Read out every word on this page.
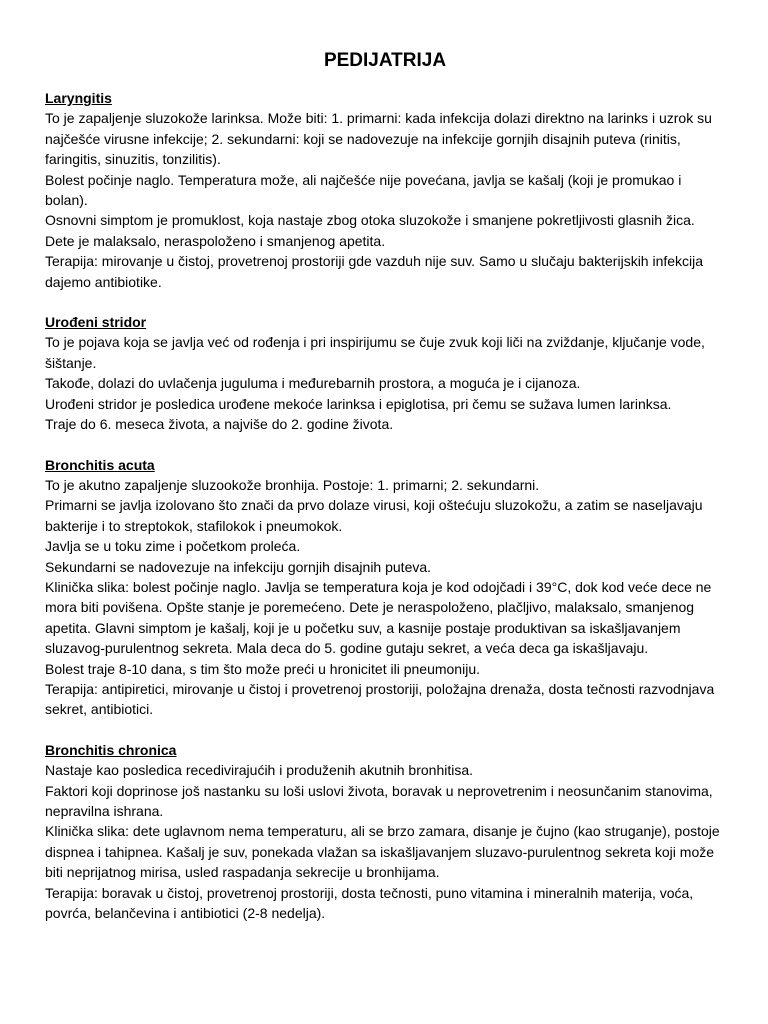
PEDIJATRIJA
Laryngitis
To je zapaljenje sluzokože larinksa. Može biti: 1. primarni: kada infekcija dolazi direktno na larinks i uzrok su najčešće virusne infekcije; 2. sekundarni: koji se nadovezuje na infekcije gornjih disajnih puteva (rinitis, faringitis, sinuzitis, tonzilitis).
Bolest počinje naglo. Temperatura može, ali najčešće nije povećana, javlja se kašalj (koji je promukao i bolan).
Osnovni simptom je promuklost, koja nastaje zbog otoka sluzokože i smanjene pokretljivosti glasnih žica.
Dete je malaksalo, neraspoloženo i smanjenog apetita.
Terapija: mirovanje u čistoj, provetrenoj prostoriji gde vazduh nije suv. Samo u slučaju bakterijskih infekcija dajemo antibiotike.
Urođeni stridor
To je pojava koja se javlja već od rođenja i pri inspirijumu se čuje zvuk koji liči na zviždanje, ključanje vode, šištanje.
Takođe, dolazi do uvlačenja juguluma i međurebarnih prostora, a moguća je i cijanoza.
Urođeni stridor je posledica urođene mekoće larinksa i epiglotisa, pri čemu se sužava lumen larinksa.
Traje do 6. meseca života, a najviše do 2. godine života.
Bronchitis acuta
To je akutno zapaljenje sluzookože bronhija. Postoje: 1. primarni; 2. sekundarni.
Primarni se javlja izolovano što znači da prvo dolaze virusi, koji oštećuju sluzokožu, a zatim se naseljavaju bakterije i to streptokok, stafilokok i pneumokok.
Javlja se u toku zime i početkom proleća.
Sekundarni se nadovezuje na infekciju gornjih disajnih puteva.
Klinička slika: bolest počinje naglo. Javlja se temperatura koja je kod odojčadi i 39°C, dok kod veće dece ne mora biti povišena. Opšte stanje je poremećeno. Dete je neraspoloženo, plačljivo, malaksalo, smanjenog apetita. Glavni simptom je kašalj, koji je u početku suv, a kasnije postaje produktivan sa iskašljavanjem sluzavog-purulentnog sekreta. Mala deca do 5. godine gutaju sekret, a veća deca ga iskašljavaju.
Bolest traje 8-10 dana, s tim što može preći u hronicitet ili pneumoniju.
Terapija: antipiretici, mirovanje u čistoj i provetrenoj prostoriji, položajna drenaža, dosta tečnosti razvodnjava sekret, antibiotici.
Bronchitis chronica
Nastaje kao posledica recedivirajućih i produženih akutnih bronhitisa.
Faktori koji doprinose još nastanku su loši uslovi života, boravak u neprovetrenim i neosunčanim stanovima, nepravilna ishrana.
Klinička slika: dete uglavnom nema temperaturu, ali se brzo zamara, disanje je čujno (kao struganje), postoje dispnea i tahipnea. Kašalj je suv, ponekada vlažan sa iskašljavanjem sluzavo-purulentnog sekreta koji može biti neprijatnog mirisa, usled raspadanja sekrecije u bronhijama.
Terapija: boravak u čistoj, provetrenoj prostoriji, dosta tečnosti, puno vitamina i mineralnih materija, voća, povrća, belančevina i antibiotici (2-8 nedelja).
